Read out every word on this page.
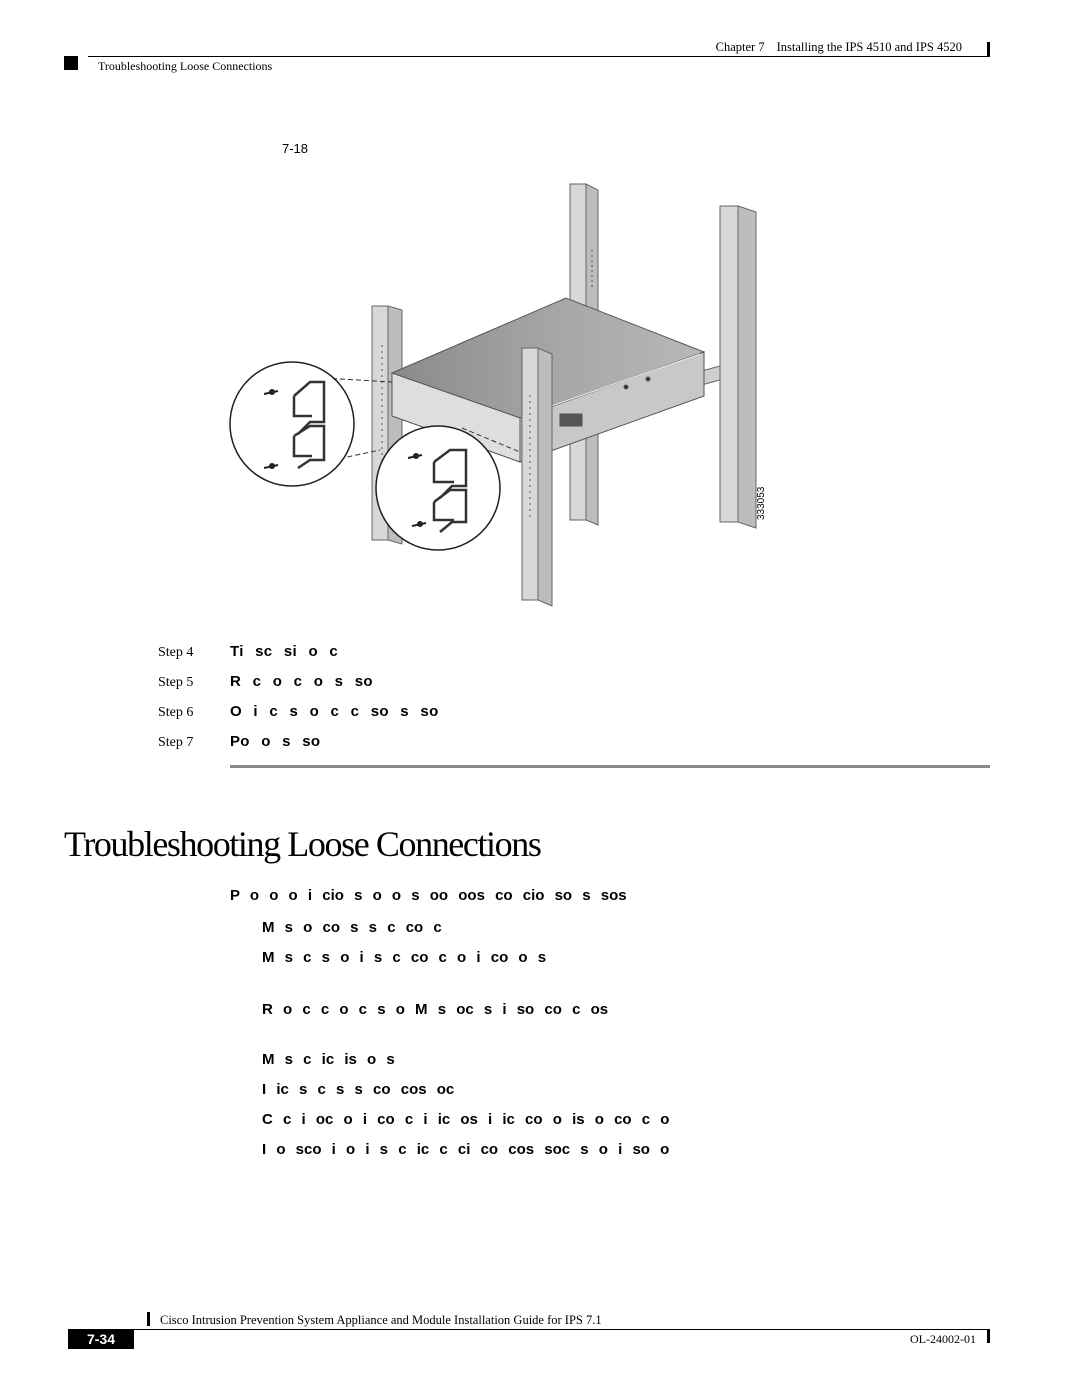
Chapter 7 Installing the IPS 4510 and IPS 4520
Troubleshooting Loose Connections
7-18
333053
Step 4	Ti sc si o c
Step 5	R c o c o s so
Step 6	O i c s o c c so s so
Step 7	Po o s so
Troubleshooting Loose Connections
P o o o i cio s o o s oo oos co cio so s sos
M s o co s s c co c
M s c s o i s c co c o i co o s
R o c c o c s o M s oc s i so co c os
M s c ic is o s
I ic s c s s co cos oc
C c i oc o i co c i ic os i ic co o is o co c o
I o sco i o i s c ic c ci co cos soc s o i so o
Cisco Intrusion Prevention System Appliance and Module Installation Guide for IPS 7.1
7-34	OL-24002-01
